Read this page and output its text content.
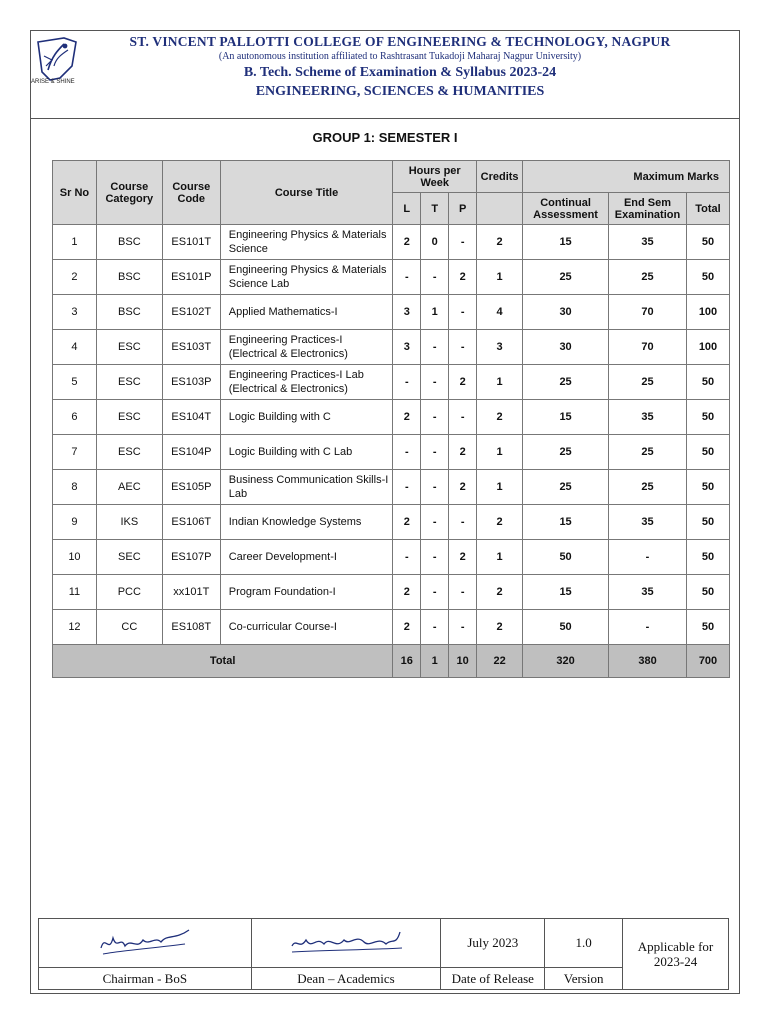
ARISE & SHINE
ST. VINCENT PALLOTTI COLLEGE OF ENGINEERING & TECHNOLOGY, NAGPUR
(An autonomous institution affiliated to Rashtrasant Tukadoji Maharaj Nagpur University)
B. Tech. Scheme of Examination & Syllabus 2023-24
ENGINEERING, SCIENCES & HUMANITIES
GROUP 1: SEMESTER I
Sr No	Course Category	Course Code	Course Title	Hours per Week			Credits	Maximum Marks		
				L	T	P		Continual Assessment	End Sem Examination	Total
1	BSC	ES101T	Engineering Physics & Materials Science	2	0	-	2	15	35	50
2	BSC	ES101P	Engineering Physics & Materials Science Lab	-	-	2	1	25	25	50
3	BSC	ES102T	Applied Mathematics-I	3	1	-	4	30	70	100
4	ESC	ES103T	Engineering Practices-I (Electrical & Electronics)	3	-	-	3	30	70	100
5	ESC	ES103P	Engineering Practices-I Lab (Electrical & Electronics)	-	-	2	1	25	25	50
6	ESC	ES104T	Logic Building with C	2	-	-	2	15	35	50
7	ESC	ES104P	Logic Building with C Lab	-	-	2	1	25	25	50
8	AEC	ES105P	Business Communication Skills-I Lab	-	-	2	1	25	25	50
9	IKS	ES106T	Indian Knowledge Systems	2	-	-	2	15	35	50
10	SEC	ES107P	Career Development-I	-	-	2	1	50	-	50
11	PCC	xx101T	Program Foundation-I	2	-	-	2	15	35	50
12	CC	ES108T	Co-curricular Course-I	2	-	-	2	50	-	50
Total				16	1	10	22	320	380	700
		July 2023	1.0	Applicable for 2023-24
Chairman - BoS	Dean – Academics	Date of Release	Version	
